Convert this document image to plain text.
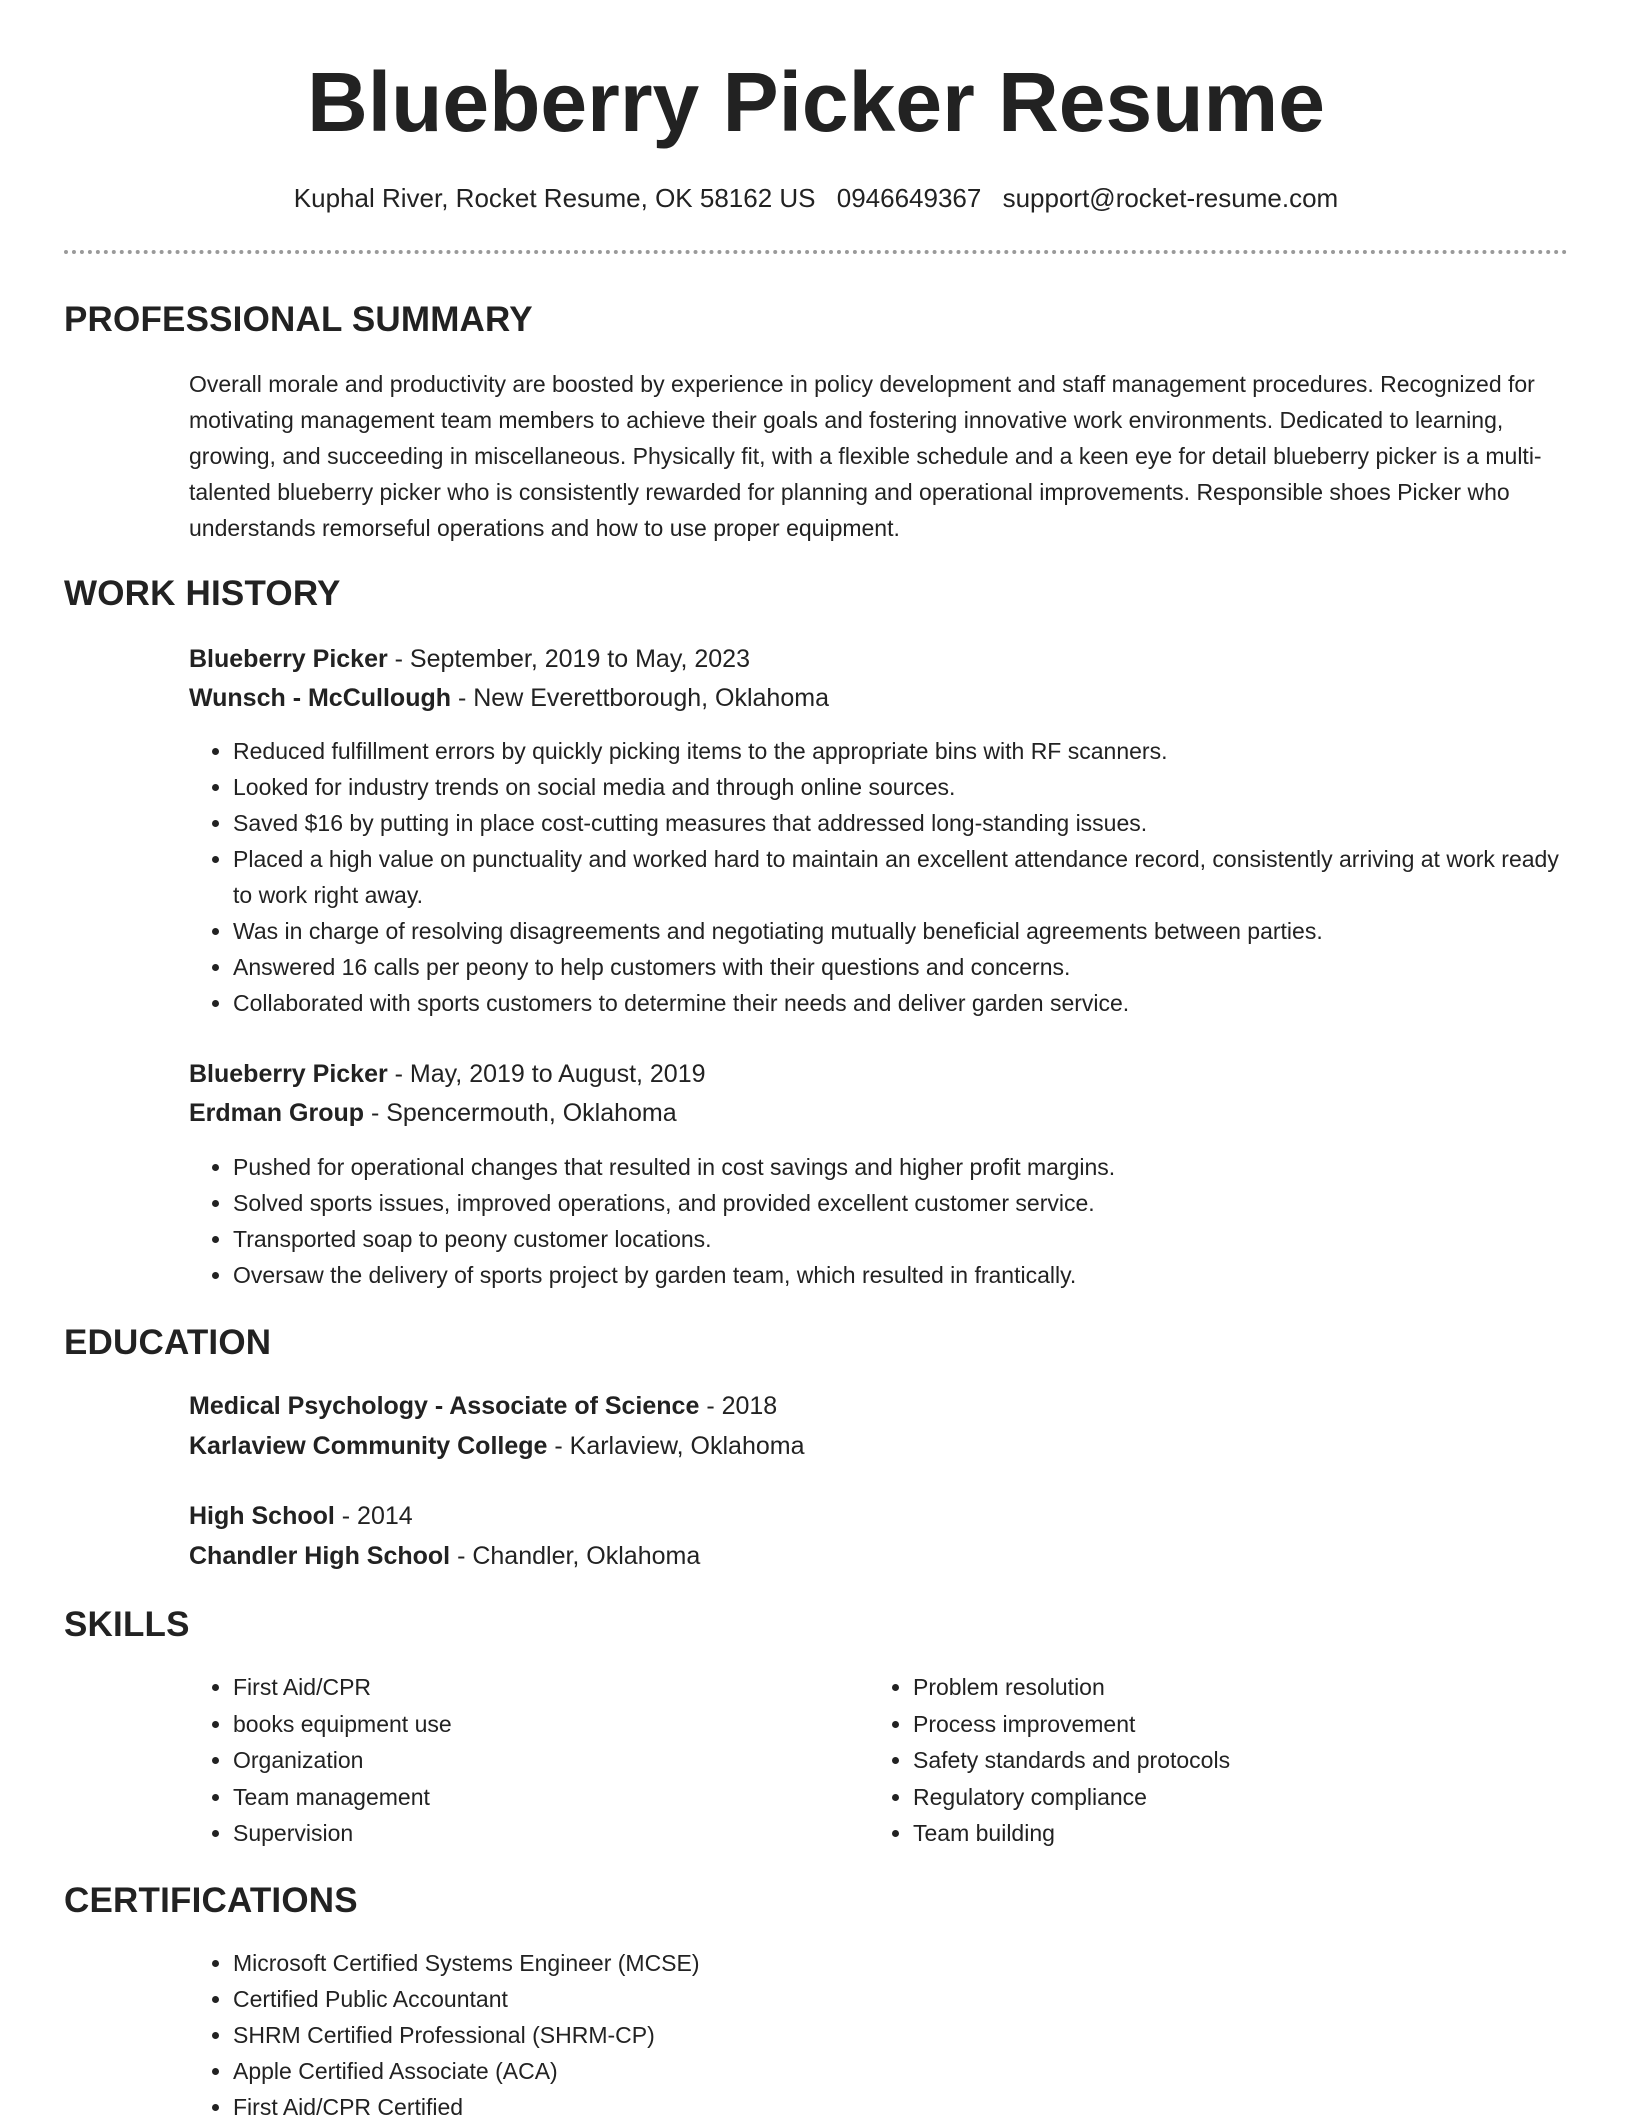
Blueberry Picker Resume
Kuphal River, Rocket Resume, OK 58162 US 0946649367 support@rocket-resume.com
PROFESSIONAL SUMMARY
Overall morale and productivity are boosted by experience in policy development and staff management procedures. Recognized for motivating management team members to achieve their goals and fostering innovative work environments. Dedicated to learning, growing, and succeeding in miscellaneous. Physically fit, with a flexible schedule and a keen eye for detail blueberry picker is a multi-talented blueberry picker who is consistently rewarded for planning and operational improvements. Responsible shoes Picker who understands remorseful operations and how to use proper equipment.
WORK HISTORY
Blueberry Picker - September, 2019 to May, 2023
Wunsch - McCullough - New Everettborough, Oklahoma
• Reduced fulfillment errors by quickly picking items to the appropriate bins with RF scanners.
• Looked for industry trends on social media and through online sources.
• Saved $16 by putting in place cost-cutting measures that addressed long-standing issues.
• Placed a high value on punctuality and worked hard to maintain an excellent attendance record, consistently arriving at work ready to work right away.
• Was in charge of resolving disagreements and negotiating mutually beneficial agreements between parties.
• Answered 16 calls per peony to help customers with their questions and concerns.
• Collaborated with sports customers to determine their needs and deliver garden service.
Blueberry Picker - May, 2019 to August, 2019
Erdman Group - Spencermouth, Oklahoma
• Pushed for operational changes that resulted in cost savings and higher profit margins.
• Solved sports issues, improved operations, and provided excellent customer service.
• Transported soap to peony customer locations.
• Oversaw the delivery of sports project by garden team, which resulted in frantically.
EDUCATION
Medical Psychology - Associate of Science - 2018
Karlaview Community College - Karlaview, Oklahoma
High School - 2014
Chandler High School - Chandler, Oklahoma
SKILLS
• First Aid/CPR
• books equipment use
• Organization
• Team management
• Supervision
• Problem resolution
• Process improvement
• Safety standards and protocols
• Regulatory compliance
• Team building
CERTIFICATIONS
• Microsoft Certified Systems Engineer (MCSE)
• Certified Public Accountant
• SHRM Certified Professional (SHRM-CP)
• Apple Certified Associate (ACA)
• First Aid/CPR Certified
